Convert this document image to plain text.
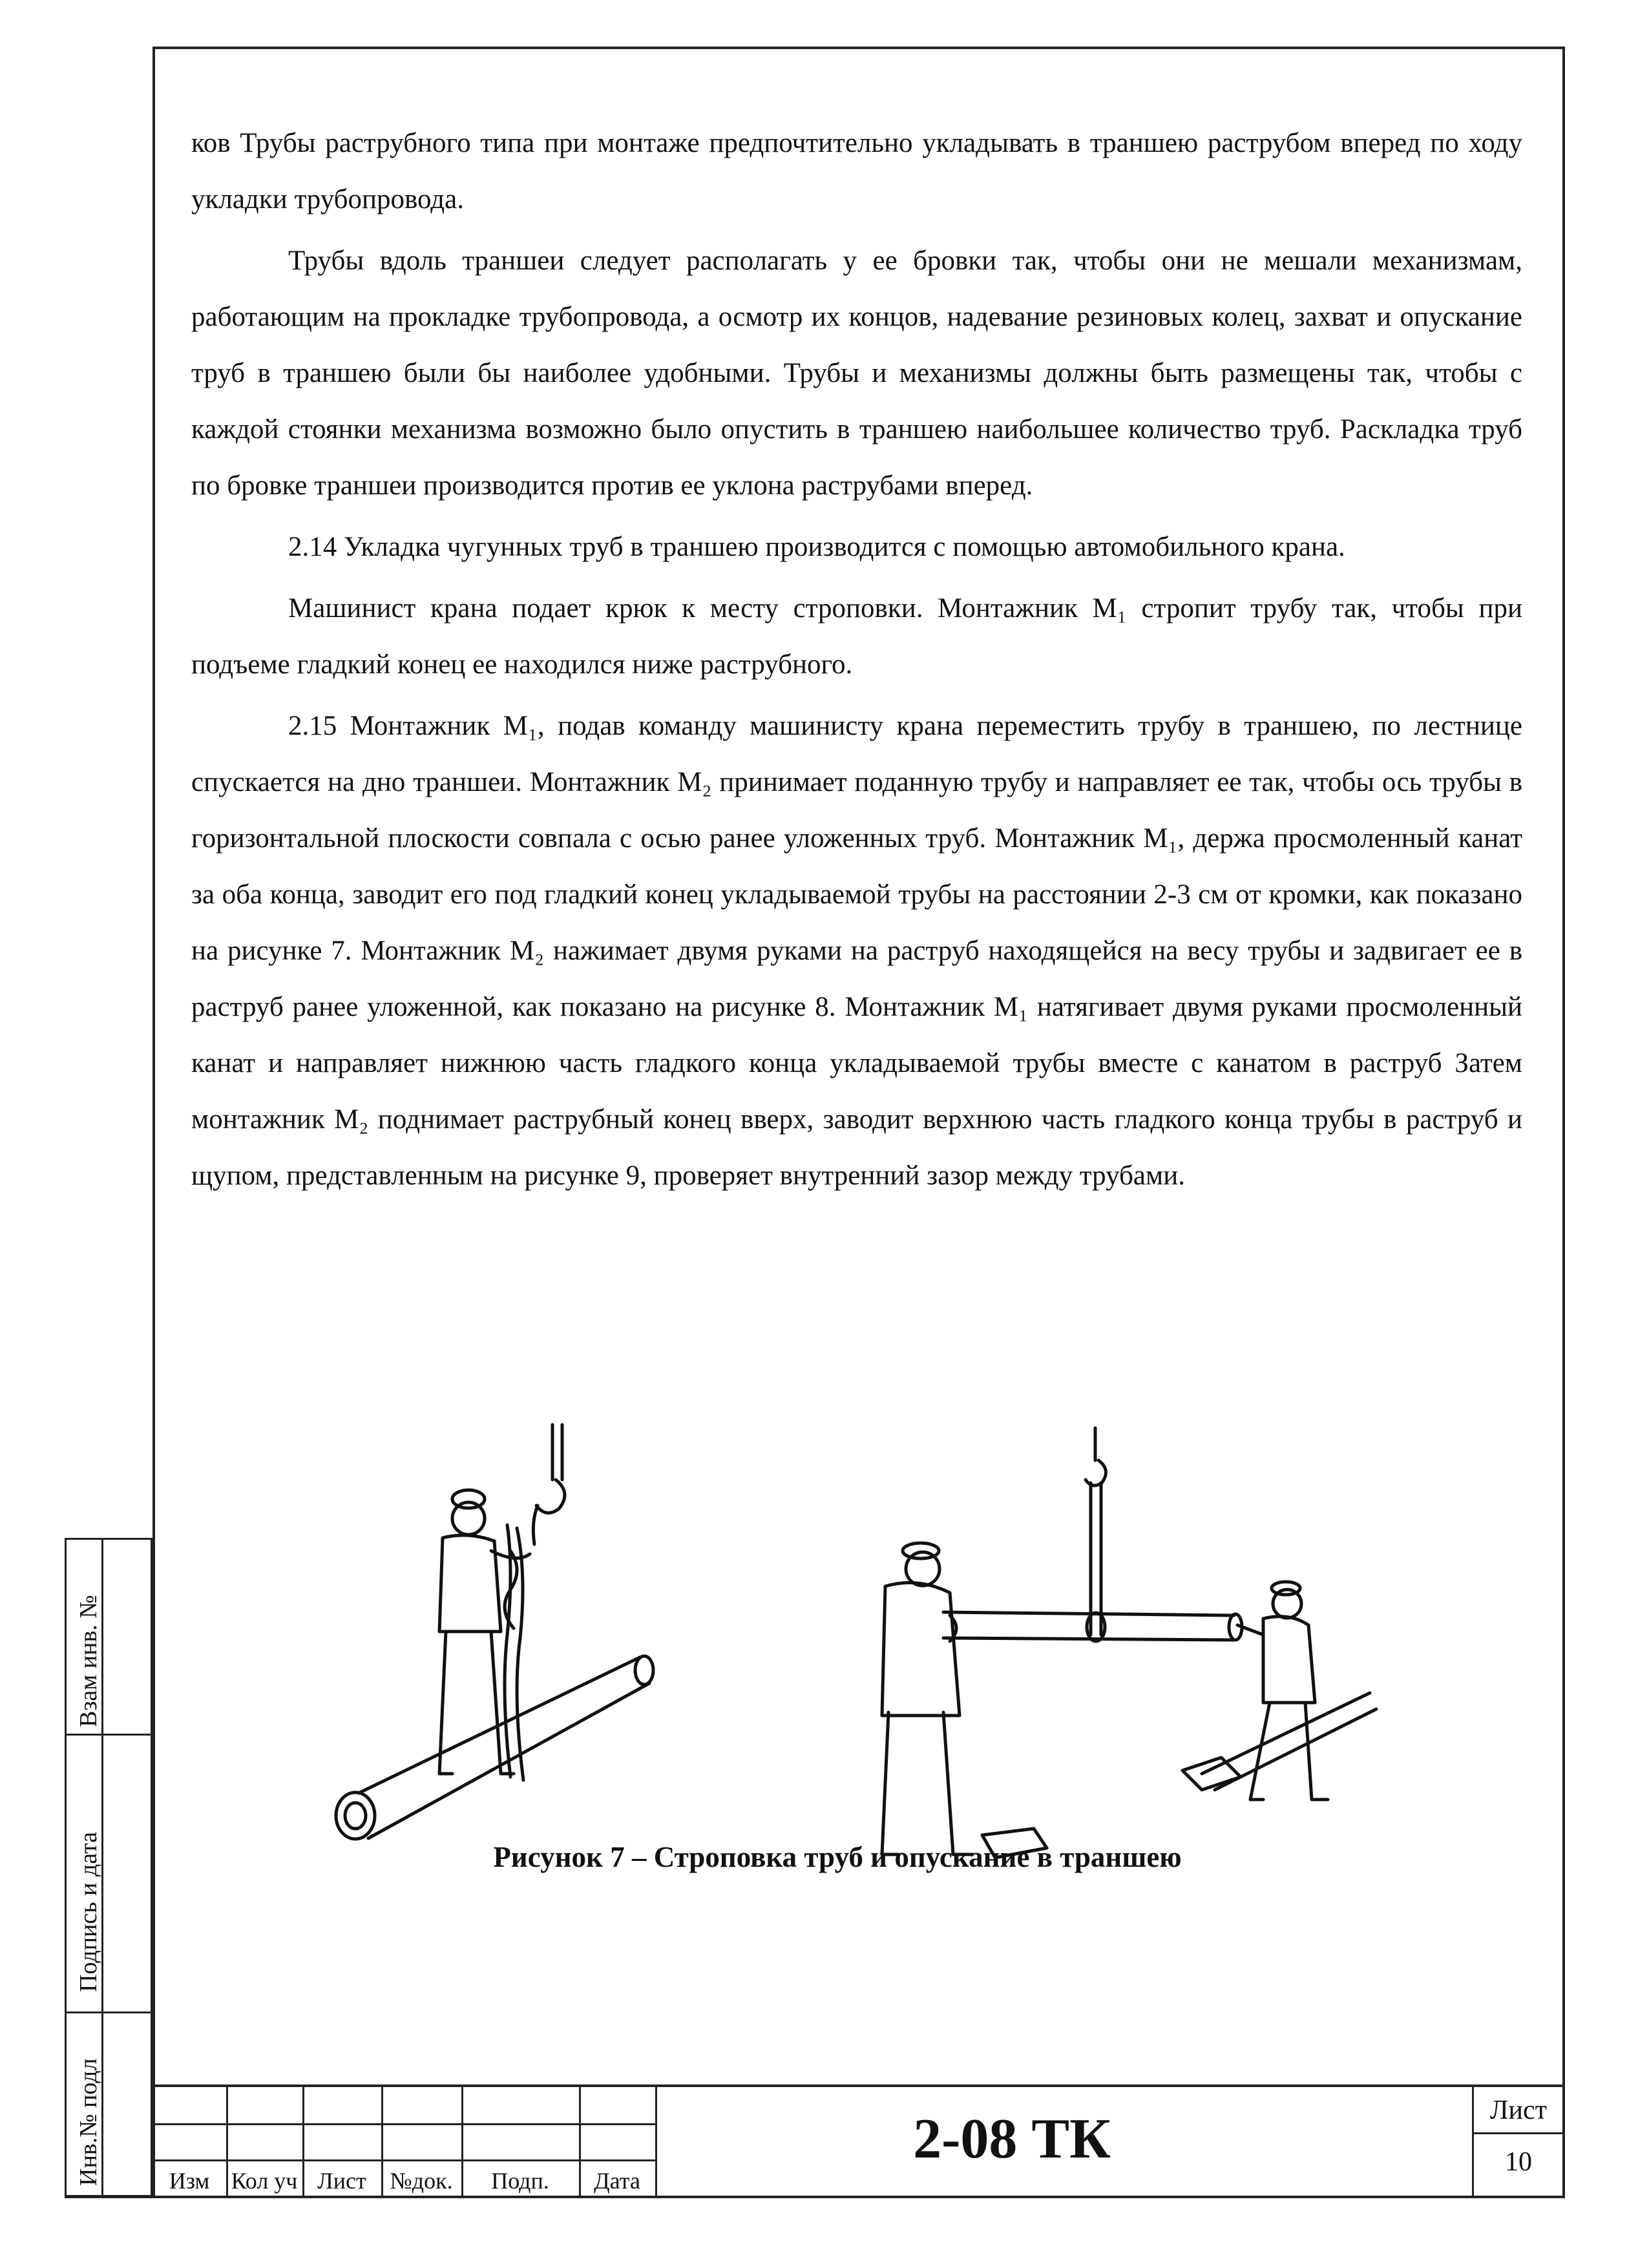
ков Трубы раструбного типа при монтаже предпочтительно укладывать в траншею раструбом вперед по ходу укладки трубопровода.

Трубы вдоль траншеи следует располагать у ее бровки так, чтобы они не мешали механизмам, работающим на прокладке трубопровода, а осмотр их концов, надевание резиновых колец, захват и опускание труб в траншею были бы наиболее удобными. Трубы и механизмы должны быть размещены так, чтобы с каждой стоянки механизма возможно было опустить в траншею наибольшее количество труб. Раскладка труб по бровке траншеи производится против ее уклона раструбами вперед.

2.14 Укладка чугунных труб в траншею производится с помощью автомобильного крана.

Машинист крана подает крюк к месту строповки. Монтажник М₁ стропит трубу так, чтобы при подъеме гладкий конец ее находился ниже раструбного.

2.15 Монтажник М₁, подав команду машинисту крана переместить трубу в траншею, по лестнице спускается на дно траншеи. Монтажник М₂ принимает поданную трубу и направляет ее так, чтобы ось трубы в горизонтальной плоскости совпала с осью ранее уложенных труб. Монтажник М₁, держа просмоленный канат за оба конца, заводит его под гладкий конец укладываемой трубы на расстоянии 2-3 см от кромки, как показано на рисунке 7. Монтажник М₂ нажимает двумя руками на раструб находящейся на весу трубы и задвигает ее в раструб ранее уложенной, как показано на рисунке 8. Монтажник М₁ натягивает двумя руками просмоленный канат и направляет нижнюю часть гладкого конца укладываемой трубы вместе с канатом в раструб Затем монтажник М₂ поднимает раструбный конец вверх, заводит верхнюю часть гладкого конца трубы в раструб и щупом, представленным на рисунке 9, проверяет внутренний зазор между трубами.

Рисунок 7 – Строповка труб и опускание в траншею
Взам инв. №
Подпись и дата
Инв.№ подл	Изм Кол уч Лист	№док.	Подп.	Дата
2-08 ТК	Лист
10
